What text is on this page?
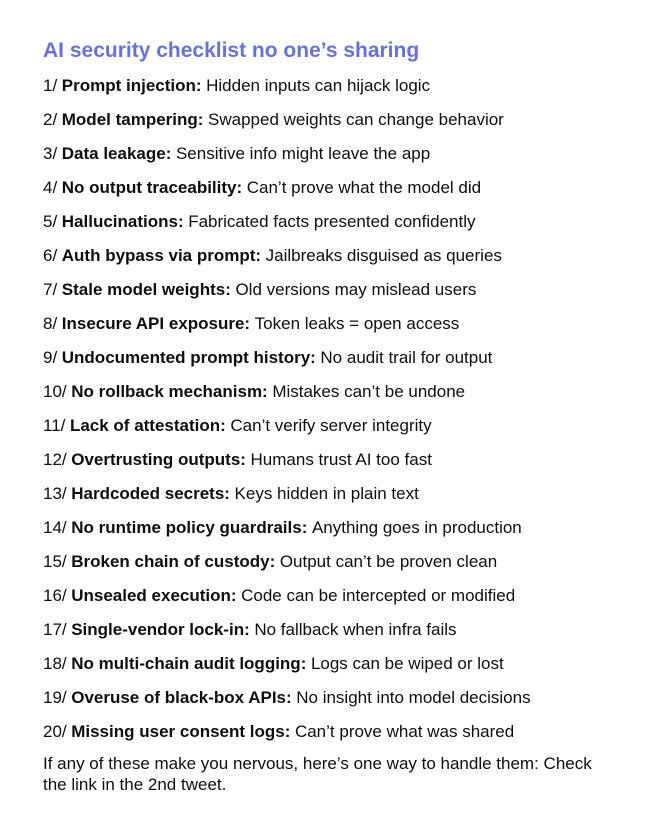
AI security checklist no one’s sharing
1/ Prompt injection: Hidden inputs can hijack logic
2/ Model tampering: Swapped weights can change behavior
3/ Data leakage: Sensitive info might leave the app
4/ No output traceability: Can’t prove what the model did
5/ Hallucinations: Fabricated facts presented confidently
6/ Auth bypass via prompt: Jailbreaks disguised as queries
7/ Stale model weights: Old versions may mislead users
8/ Insecure API exposure: Token leaks = open access
9/ Undocumented prompt history: No audit trail for output
10/ No rollback mechanism: Mistakes can’t be undone
11/ Lack of attestation: Can’t verify server integrity
12/ Overtrusting outputs: Humans trust AI too fast
13/ Hardcoded secrets: Keys hidden in plain text
14/ No runtime policy guardrails: Anything goes in production
15/ Broken chain of custody: Output can’t be proven clean
16/ Unsealed execution: Code can be intercepted or modified
17/ Single-vendor lock-in: No fallback when infra fails
18/ No multi-chain audit logging: Logs can be wiped or lost
19/ Overuse of black-box APIs: No insight into model decisions
20/ Missing user consent logs: Can’t prove what was shared

If any of these make you nervous, here’s one way to handle them: Check the link in the 2nd tweet.
